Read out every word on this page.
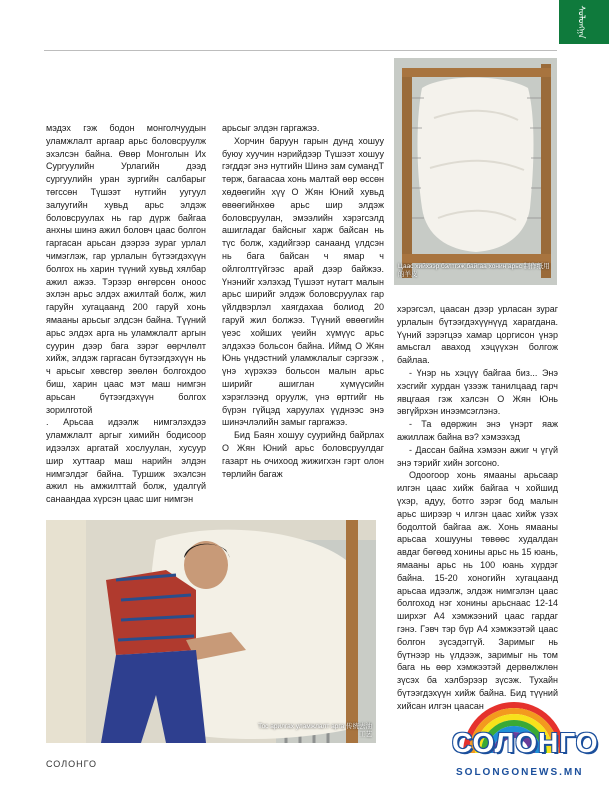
ᠰᠣᠯᠣᠩᠭ᠋ᠠ
Цаас хийхээр бэлтгэж байгаа хонин арьс 制作纸用的羊皮

мэдэх гэж бодон монголчуудын уламжлалт аргаар арьс боловсруулж эхэлсэн байна. Өвөр Монголын Их Сургуулийн Урлагийн дээд сургуулийн уран зургийн салбарыг төгссөн Түшээт нутгийн уугуул залуугийн хувьд арьс элдэж боловсруулах нь гар дүрж байгаа анхны шинэ ажил боловч цаас болгон гаргасан арьсан дээрээ зураг урлал чимэглэж, гар урлалын бүтээгдэхүүн болгох нь харин түүний хувьд хялбар ажил ажээ. Тэрээр өнгөрсөн оноос эхлэн арьс элдэх ажилтай болж, жил гаруйн хугацаанд 200 гаруй хонь ямааны арьсыг элдсэн байна. Түүний арьс элдэх арга нь уламжлалт аргын суурин дээр бага зэрэг өөрчлөлт хийж, элдэж гаргасан бүтээгдэхүүн нь ч арьсыг хөвсгөр зөөлөн болгохдоо биш, харин цаас мэт маш нимгэн арьсан бүтээгдэхүүн болгох зорилготой

. Арьсаа идээлж нимгэлэхдээ уламжлалт аргыг химийн бодисоор идээлэх аргатай хослуулан, хусуур шир хуттаар маш нарийн элдэн нимгэлдэг байна. Туршиж эхэлсэн ажил нь амжилттай болж, удалгүй санаандаа хүрсэн цаас шиг нимгэн

арьсыг элдэн гаргажээ.

Хорчин баруун гарын дунд хошуу буюу хуучин нэрийдээр Түшээт хошуу гэгддэг энэ нутгийн Шинэ зам сумандТ төрж, багаасаа хонь малтай өөр өссөн хөдөөгийн хүү О Жян Юний хувьд өвөөгийнхөө арьс шир элдэж боловсруулан, эмээлийн хэрэгсэлд ашигладаг байсныг харж байсан нь түс болж, хэдийгээр санаанд үлдсэн нь бага байсан ч ямар ч ойлголтгүйгээс арай дээр байжээ. Үнэнийг хэлэхэд Түшээт нутагт малын арьс ширийг элдэж боловсруулах гар үйлдвэрлэл хаягдахаа болиод 20 гаруй жил болжээ. Түүний өвөөгийн үеэс хойших үеийн хүмүүс арьс элдэхээ больсон байна. Иймд О Жян Юнь үндэстний уламжлалыг сэргээж , үнэ хүрэхээ больсон малын арьс ширийг ашиглан хүмүүсийн хэрэглээнд оруулж, үнэ өртгийг нь бүрэн гүйцэд харуулах үүднээс энэ шинэчлэлийн замыг гаргажээ.

Бид Баян хошуу суурийнд байрлах О Жян Юний арьс боловсруулдаг газарт нь очихоод жижигхэн гэрт олон төрлийн багаж

хэрэгсэл, цаасан дээр урласан зураг урлалын бүтээгдэхүүнүүд харагдана. Үүний зэрэгцээ хамар цоргисон үнэр амьсгал аваход хэцүүхэн болгож байлаа.

- Үнэр нь хэцүү байгаа биз... Энэ хэсгийг хурдан үзээж танилцаад гарч явцгаая гэж хэлсэн О Жян Юнь эвгүйрхэн инээмсэглэнэ.

- Та өдөржин энэ үнэрт яаж ажиллаж байна вэ? хэмээхэд

- Дассан байна хэмээн ажиг ч үгүй энэ тэрийг хийн зогсоно.

Одоогоор хонь ямааны арьсаар илгэн цаас хийж байгаа ч хойшид үхэр, адуу, ботго зэрэг бод малын арьс ширээр ч илгэн цаас хийж үзэх бодолтой байгаа аж. Хонь ямааны арьсаа хошууны төвөөс худалдан авдаг бөгөөд хонины арьс нь 15 юань, ямааны арьс нь 100 юань хүрдэг байна. 15-20 хоногийн хугацаанд арьсаа идээлж, элдэж нимгэлэн цаас болгоход нэг хонины арьснаас 12-14 ширхэг А4 хэмжээний цаас гардаг гэнэ. Гэвч тэр бүр А4 хэмжээтэй цаас болгон зүсэдэггүй. Заримыг нь бүтнээр нь үлдээж, заримыг нь том бага нь өөр хэмжээтэй дервөлжлөн зүсэх ба хэлбэрээр зүсэж. Тухайн бүтээгдэхүүн хийж байна. Бид түүний хийсан илгэн цаасан

Тос арилгах уламжлалт арга 传统去油工艺
СОЛОНГО
СОЛОНГО
SOLONGONEWS.MN
